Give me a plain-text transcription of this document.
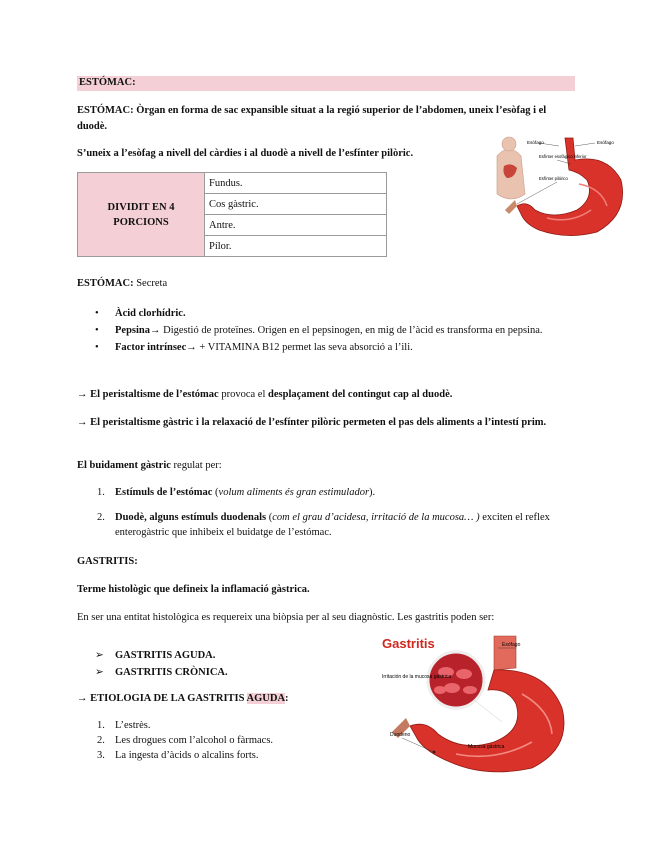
ESTÓMAC:
ESTÓMAC: Òrgan en forma de sac expansible situat a la regió superior de l’abdomen, uneix l’esòfag i el duodè.
S’uneix a l’esòfag a nivell del càrdies i al duodè a nivell de l’esfínter pilòric.
DIVIDIT EN 4 PORCIONS	Fundus.
Cos gàstric.
Antre.
Pílor.
Esòfago	Esófago
Esfínter esofágico inferior
Esfínter pilórico
ESTÓMAC: Secreta
• Àcid clorhídric.
• Pepsina→ Digestió de proteïnes. Origen en el pepsinogen, en mig de l’àcid es transforma en pepsina.
• Factor intrínsec→ + VITAMINA B12 permet las seva absorció a l’ili.
→ El peristaltisme de l’estómac provoca el desplaçament del contingut cap al duodè.
→ El peristaltisme gàstric i la relaxació de l’esfínter pilòric permeten el pas dels aliments a l’intestí prim.
El buidament gàstric regulat per:
1. Estímuls de l’estómac (volum aliments és gran estimulador).
2. Duodè, alguns estímuls duodenals (com el grau d’acidesa, irritació de la mucosa… ) exciten el reflex enterogàstric que inhibeix el buidatge de l’estómac.
GASTRITIS:
Terme histològic que defineix la inflamació gàstrica.
En ser una entitat histològica es requereix una biòpsia per al seu diagnòstic. Les gastritis poden ser:
➢ GASTRITIS AGUDA.
➢ GASTRITIS CRÒNICA.
→ ETIOLOGIA DE LA GASTRITIS AGUDA:
1. L’estrès.
2. Les drogues com l’alcohol o fàrmacs.
3. La ingesta d’àcids o alcalins forts.
Gastritis	Esófago
Irritación de la mucosa gástrica
Duodeno
Mucosa gástrica
